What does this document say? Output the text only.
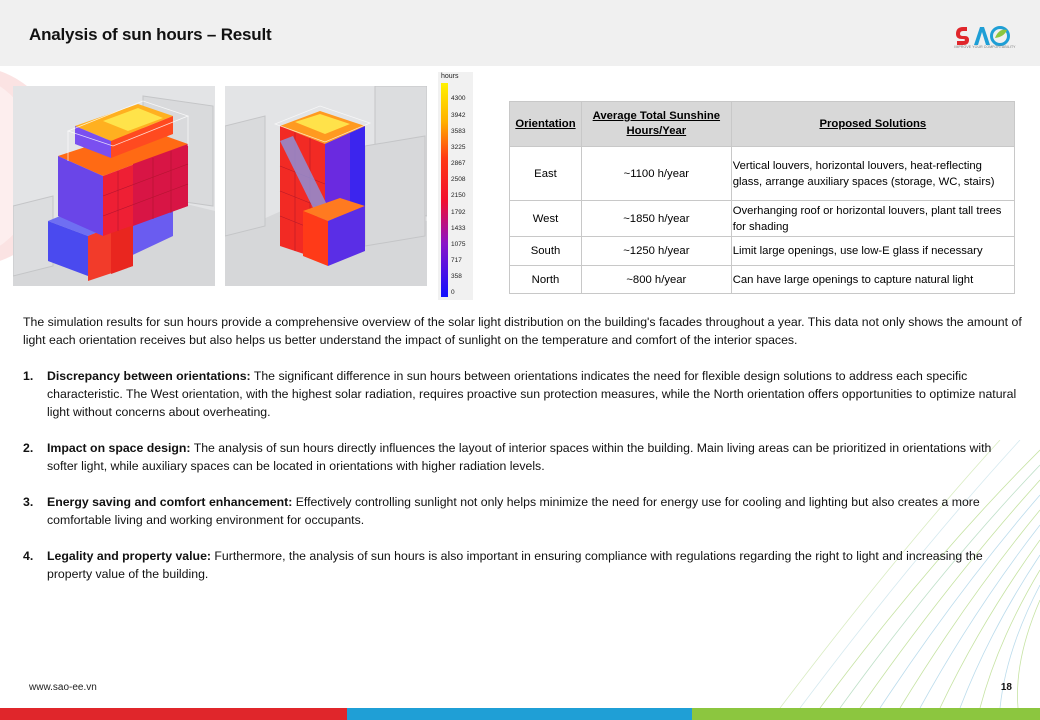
Analysis of sun hours – Result
IMPROVE YOUR COMFORTABILITY
hours
4300
3942
3583
3225
2867
2508
2150
1792
1433
1075
717
358
0
Orientation	Average Total Sunshine Hours/Year	Proposed Solutions
East	~1100 h/year	Vertical louvers, horizontal louvers, heat-reflecting glass, arrange auxiliary spaces (storage, WC, stairs)
West	~1850 h/year	Overhanging roof or horizontal louvers, plant tall trees for shading
South	~1250 h/year	Limit large openings, use low-E glass if necessary
North	~800 h/year	Can have large openings to capture natural light

The simulation results for sun hours provide a comprehensive overview of the solar light distribution on the building's facades throughout a year. This data not only shows the amount of light each orientation receives but also helps us better understand the impact of sunlight on the temperature and comfort of the interior spaces.

1. Discrepancy between orientations: The significant difference in sun hours between orientations indicates the need for flexible design solutions to address each specific characteristic. The West orientation, with the highest solar radiation, requires proactive sun protection measures, while the North orientation offers opportunities to optimize natural light without concerns about overheating.
2. Impact on space design: The analysis of sun hours directly influences the layout of interior spaces within the building. Main living areas can be prioritized in orientations with softer light, while auxiliary spaces can be located in orientations with higher radiation levels.
3. Energy saving and comfort enhancement: Effectively controlling sunlight not only helps minimize the need for energy use for cooling and lighting but also creates a more comfortable living and working environment for occupants.
4. Legality and property value: Furthermore, the analysis of sun hours is also important in ensuring compliance with regulations regarding the right to light and increasing the property value of the building.
www.sao-ee.vn	18
